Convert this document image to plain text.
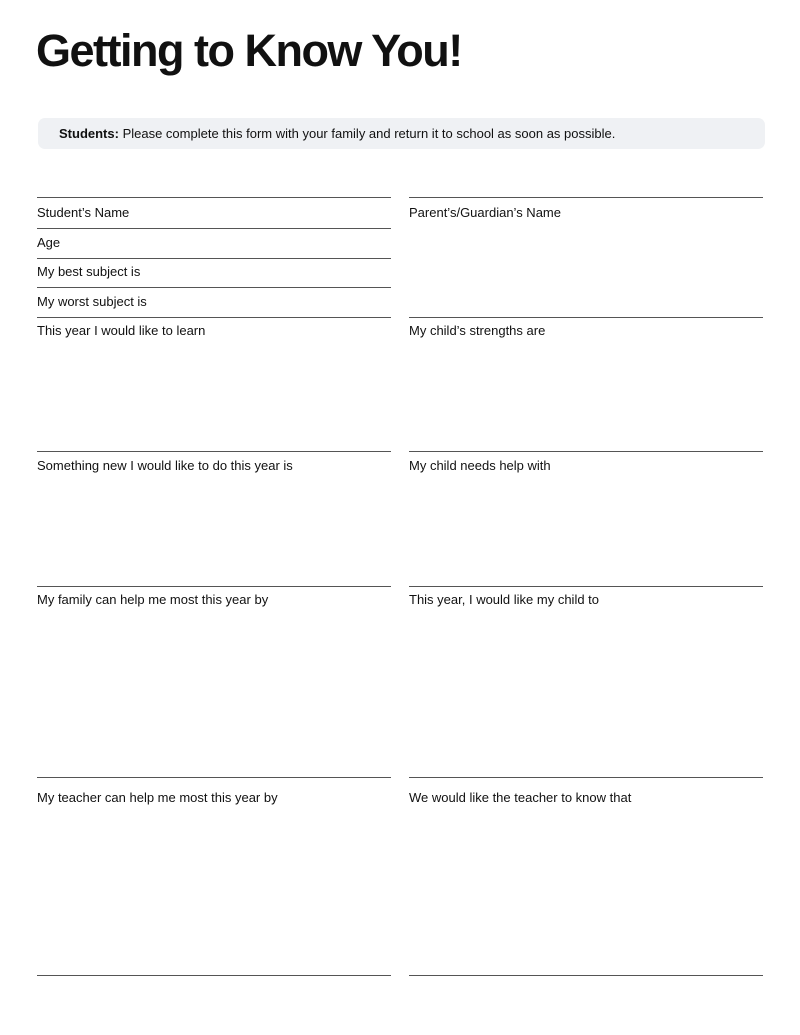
Getting to Know You!
Students: Please complete this form with your family and return it to school as soon as possible.
Student’s Name
Age
My best subject is
My worst subject is
This year I would like to learn
Something new I would like to do this year is
My family can help me most this year by
My teacher can help me most this year by
Parent’s/Guardian’s Name
My child’s strengths are
My child needs help with
This year, I would like my child to
We would like the teacher to know that
